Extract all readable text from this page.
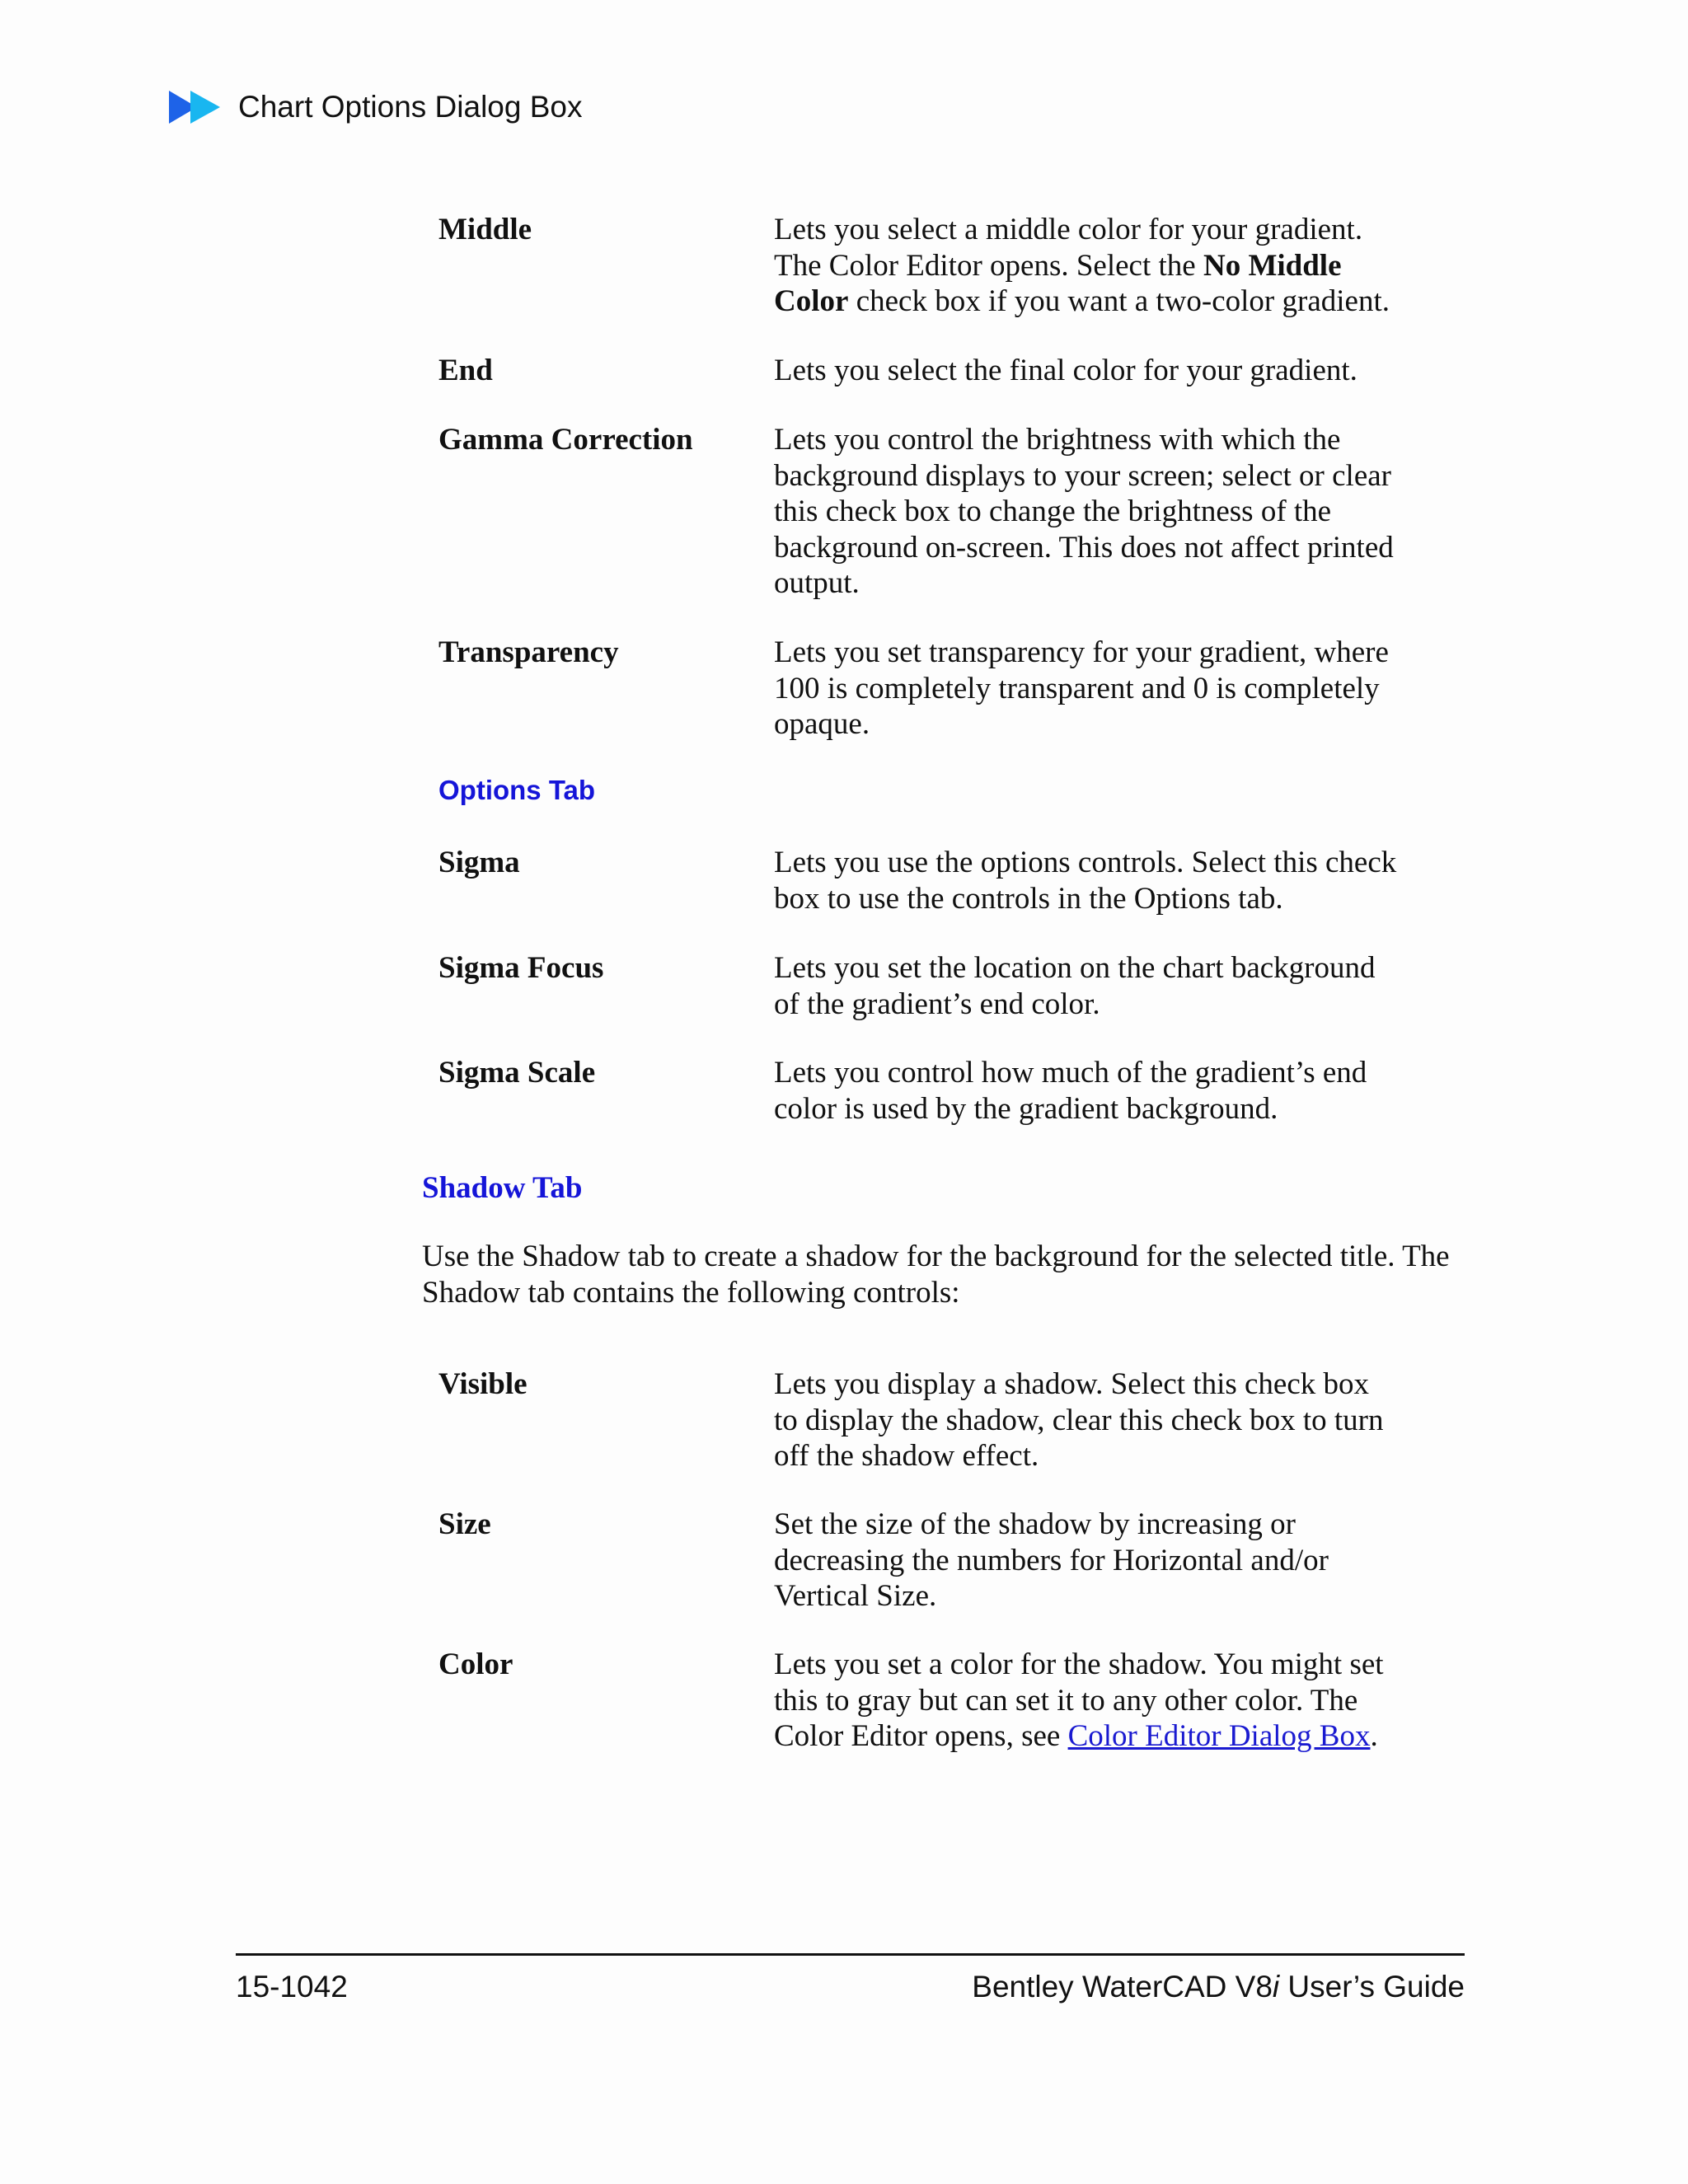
Chart Options Dialog Box
Middle	Lets you select a middle color for your gradient. The Color Editor opens. Select the No Middle Color check box if you want a two-color gradient.
End	Lets you select the final color for your gradient.
Gamma Correction	Lets you control the brightness with which the background displays to your screen; select or clear this check box to change the brightness of the background on-screen. This does not affect printed output.
Transparency	Lets you set transparency for your gradient, where 100 is completely transparent and 0 is completely opaque.
Options Tab
Sigma	Lets you use the options controls. Select this check box to use the controls in the Options tab.
Sigma Focus	Lets you set the location on the chart background of the gradient’s end color.
Sigma Scale	Lets you control how much of the gradient’s end color is used by the gradient background.
Shadow Tab
Use the Shadow tab to create a shadow for the background for the selected title. The Shadow tab contains the following controls:
Visible	Lets you display a shadow. Select this check box to display the shadow, clear this check box to turn off the shadow effect.
Size	Set the size of the shadow by increasing or decreasing the numbers for Horizontal and/or Vertical Size.
Color	Lets you set a color for the shadow. You might set this to gray but can set it to any other color. The Color Editor opens, see Color Editor Dialog Box.
15-1042	Bentley WaterCAD V8i User’s Guide
